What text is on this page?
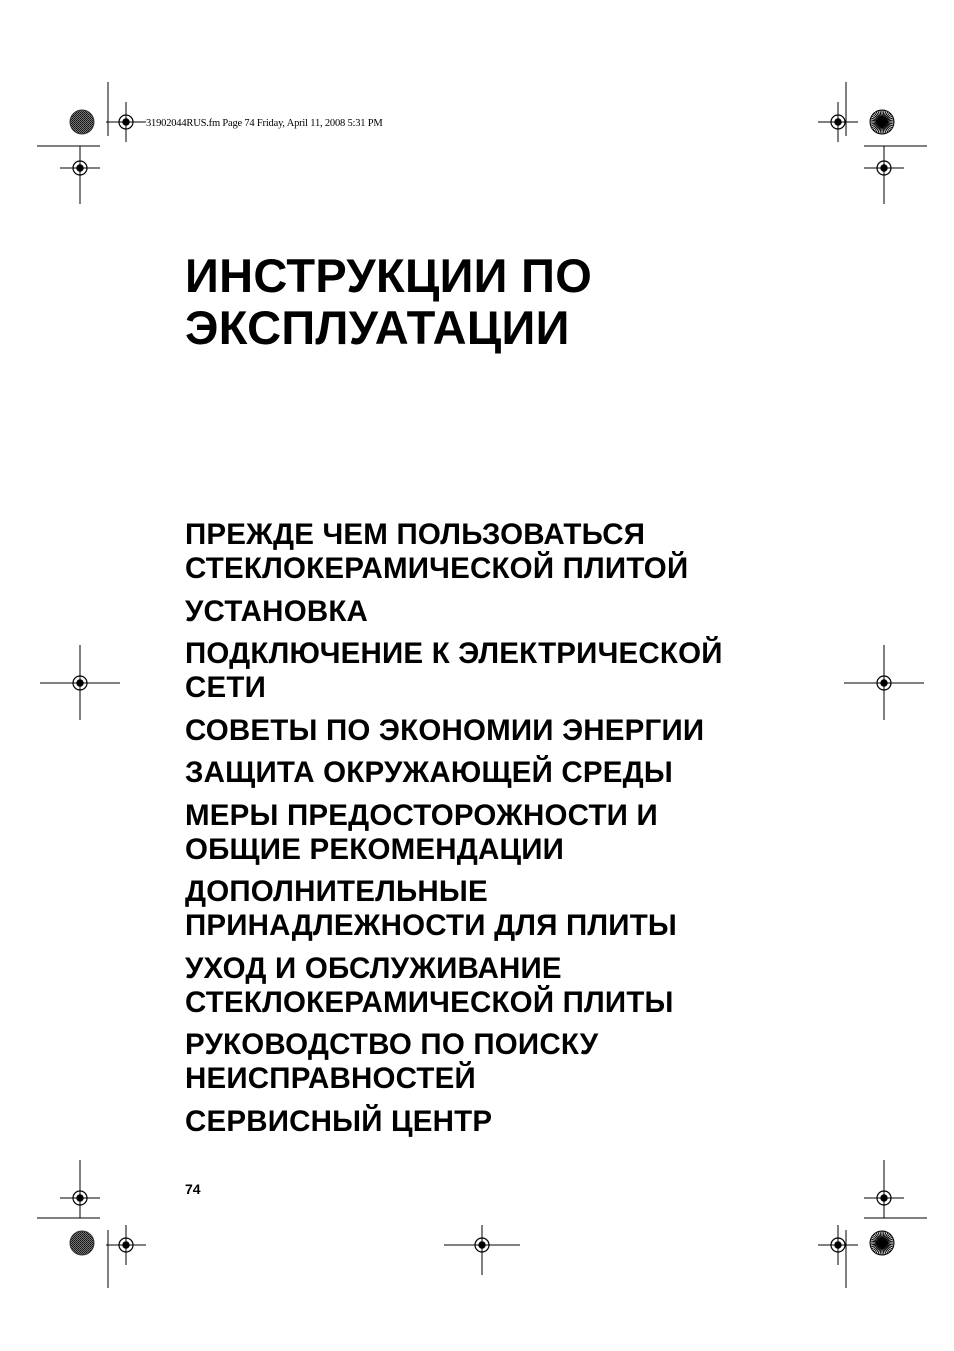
31902044RUS.fm Page 74 Friday, April 11, 2008 5:31 PM
ИНСТРУКЦИИ ПО
ЭКСПЛУАТАЦИИ
ПРЕЖДЕ ЧЕМ ПОЛЬЗОВАТЬСЯ
СТЕКЛОКЕРАМИЧЕСКОЙ ПЛИТОЙ
УСТАНОВКА
ПОДКЛЮЧЕНИЕ К ЭЛЕКТРИЧЕСКОЙ
СЕТИ
СОВЕТЫ ПО ЭКОНОМИИ ЭНЕРГИИ
ЗАЩИТА ОКРУЖАЮЩЕЙ СРЕДЫ
МЕРЫ ПРЕДОСТОРОЖНОСТИ И
ОБЩИЕ РЕКОМЕНДАЦИИ
ДОПОЛНИТЕЛЬНЫЕ
ПРИНАДЛЕЖНОСТИ ДЛЯ ПЛИТЫ
УХОД И ОБСЛУЖИВАНИЕ
СТЕКЛОКЕРАМИЧЕСКОЙ ПЛИТЫ
РУКОВОДСТВО ПО ПОИСКУ
НЕИСПРАВНОСТЕЙ
СЕРВИСНЫЙ ЦЕНТР
74
